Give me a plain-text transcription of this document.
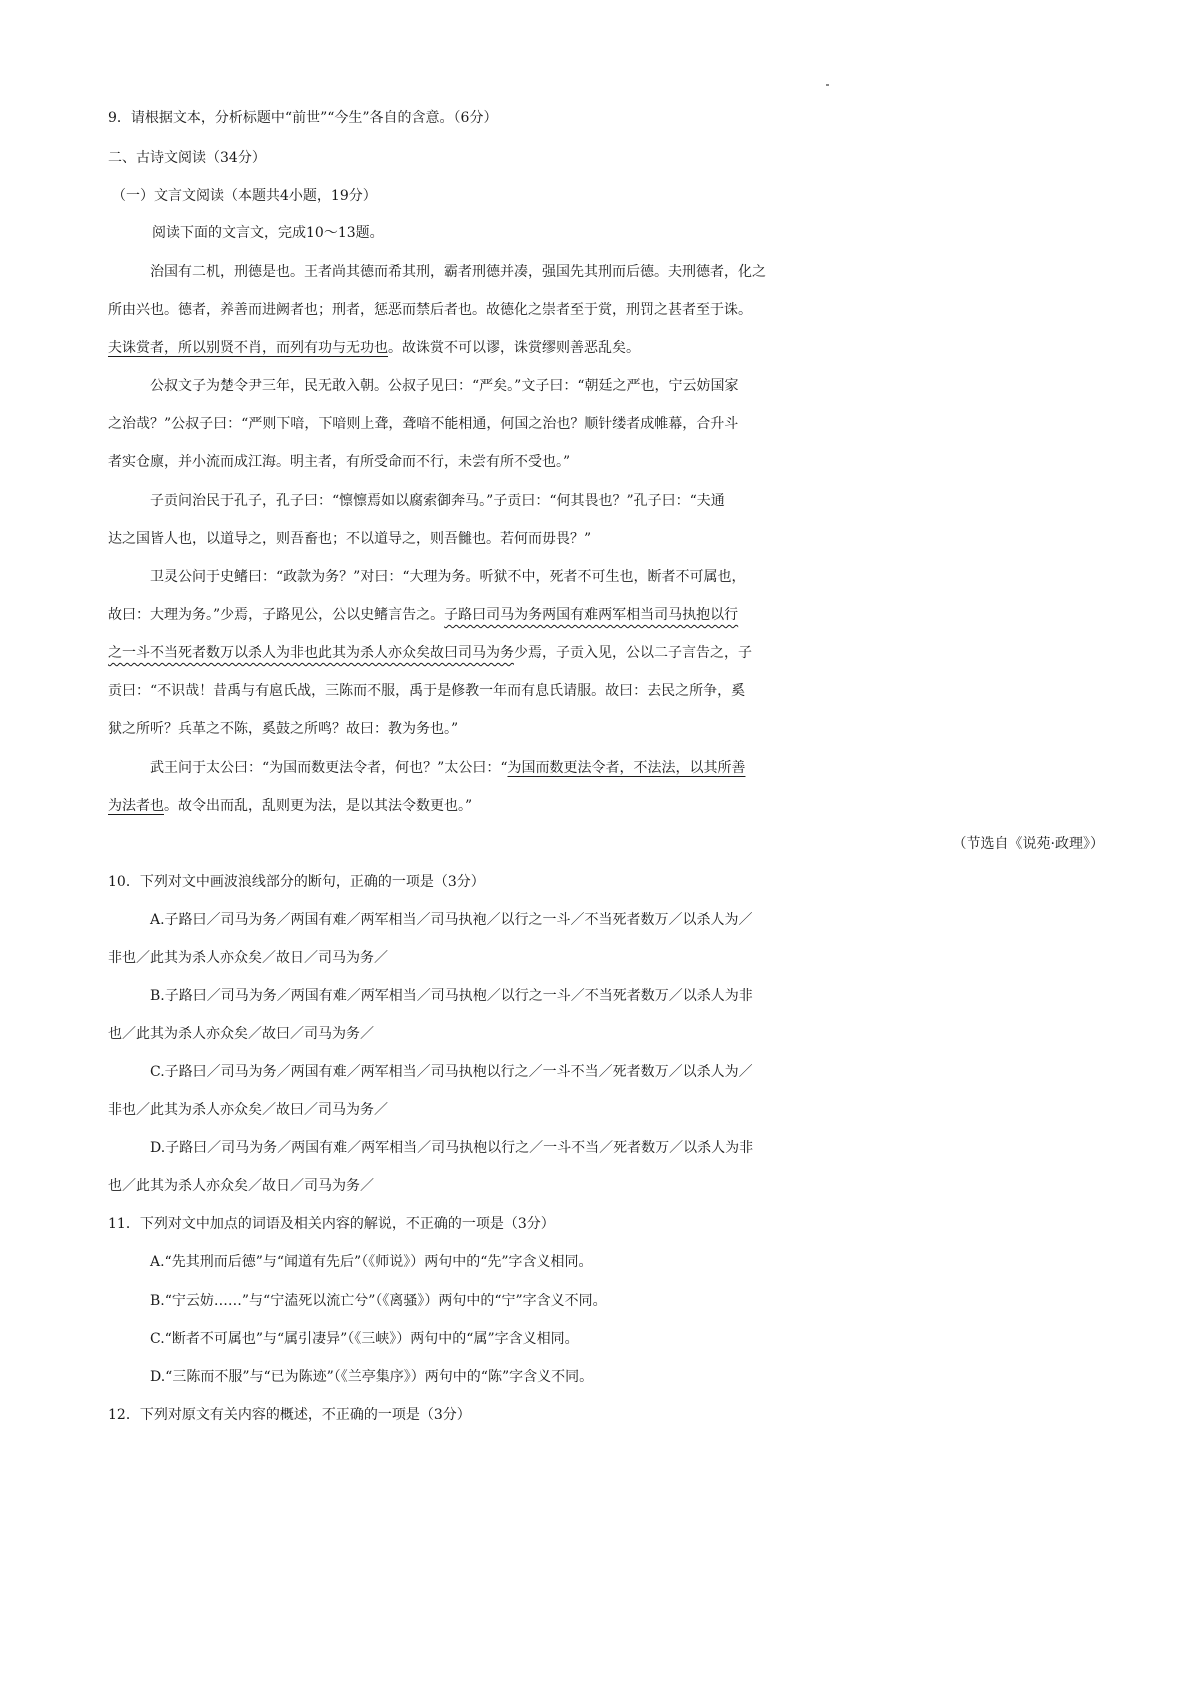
9．请根据文本，分析标题中“前世”“今生”各自的含意。（6分）
二、古诗文阅读（34分）
（一）文言文阅读（本题共4小题，19分）
阅读下面的文言文，完成10～13题。
治国有二机，刑德是也。王者尚其德而希其刑，霸者刑德并凑，强国先其刑而后德。夫刑德者，化之
所由兴也。德者，养善而进阙者也；刑者，惩恶而禁后者也。故德化之崇者至于赏，刑罚之甚者至于诛。
夫诛赏者，所以别贤不肖，而列有功与无功也。故诛赏不可以谬，诛赏缪则善恶乱矣。
公叔文子为楚令尹三年，民无敢入朝。公叔子见曰：“严矣。”文子曰：“朝廷之严也，宁云妨国家
之治哉？”公叔子曰：“严则下喑，下喑则上聋，聋喑不能相通，何国之治也？顺针缕者成帷幕，合升斗
者实仓廪，并小流而成江海。明主者，有所受命而不行，未尝有所不受也。”
子贡问治民于孔子，孔子曰：“懔懔焉如以腐索御奔马。”子贡曰：“何其畏也？”孔子曰：“夫通
达之国皆人也，以道导之，则吾畜也；不以道导之，则吾雠也。若何而毋畏？”
卫灵公问于史鳍曰：“政款为务？”对曰：“大理为务。听狱不中，死者不可生也，断者不可属也，
故曰：大理为务。”少焉，子路见公，公以史鳍言告之。子路曰司马为务两国有难两军相当司马执抱以行
之一斗不当死者数万以杀人为非也此其为杀人亦众矣故曰司马为务少焉，子贡入见，公以二子言告之，子
贡曰：“不识哉！昔禹与有扈氏战，三陈而不服，禹于是修教一年而有息氏请服。故曰：去民之所争，奚
狱之所听？兵革之不陈，奚鼓之所鸣？故曰：教为务也。”
武王问于太公曰：“为国而数更法令者，何也？”太公曰：“为国而数更法令者，不法法，以其所善
为法者也。故令出而乱，乱则更为法，是以其法令数更也。”
（节选自《说苑·政理》）
10．下列对文中画波浪线部分的断句，正确的一项是（3分）
A.子路曰／司马为务／两国有难／两军相当／司马执袍／以行之一斗／不当死者数万／以杀人为／
非也／此其为杀人亦众矣／故日／司马为务／
B.子路曰／司马为务／两国有难／两军相当／司马执枹／以行之一斗／不当死者数万／以杀人为非
也／此其为杀人亦众矣／故曰／司马为务／
C.子路曰／司马为务／两国有难／两军相当／司马执枹以行之／一斗不当／死者数万／以杀人为／
非也／此其为杀人亦众矣／故曰／司马为务／
D.子路曰／司马为务／两国有难／两军相当／司马执枹以行之／一斗不当／死者数万／以杀人为非
也／此其为杀人亦众矣／故日／司马为务／
11．下列对文中加点的词语及相关内容的解说，不正确的一项是（3分）
A.“先其刑而后德”与“闻道有先后”（《师说》）两句中的“先”字含义相同。
B.“宁云妨……”与“宁溘死以流亡兮”（《离骚》）两句中的“宁”字含义不同。
C.“断者不可属也”与“属引凄异”（《三峡》）两句中的“属”字含义相同。
D.“三陈而不服”与“已为陈迹”（《兰亭集序》）两句中的“陈”字含义不同。
12．下列对原文有关内容的概述，不正确的一项是（3分）
